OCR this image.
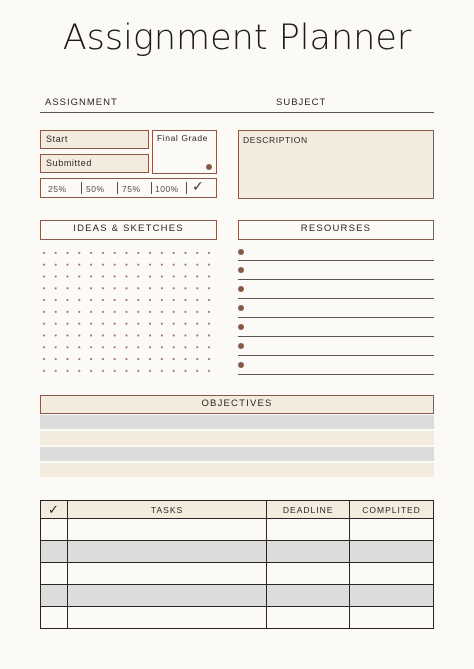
Assignment Planner
ASSIGNMENT	SUBJECT
Start
Submitted
Final Grade
25% 50% 75% 100% ✓
DESCRIPTION
IDEAS & SKETCHES	RESOURSES
OBJECTIVES
✓	TASKS	DEADLINE	COMPLITED
